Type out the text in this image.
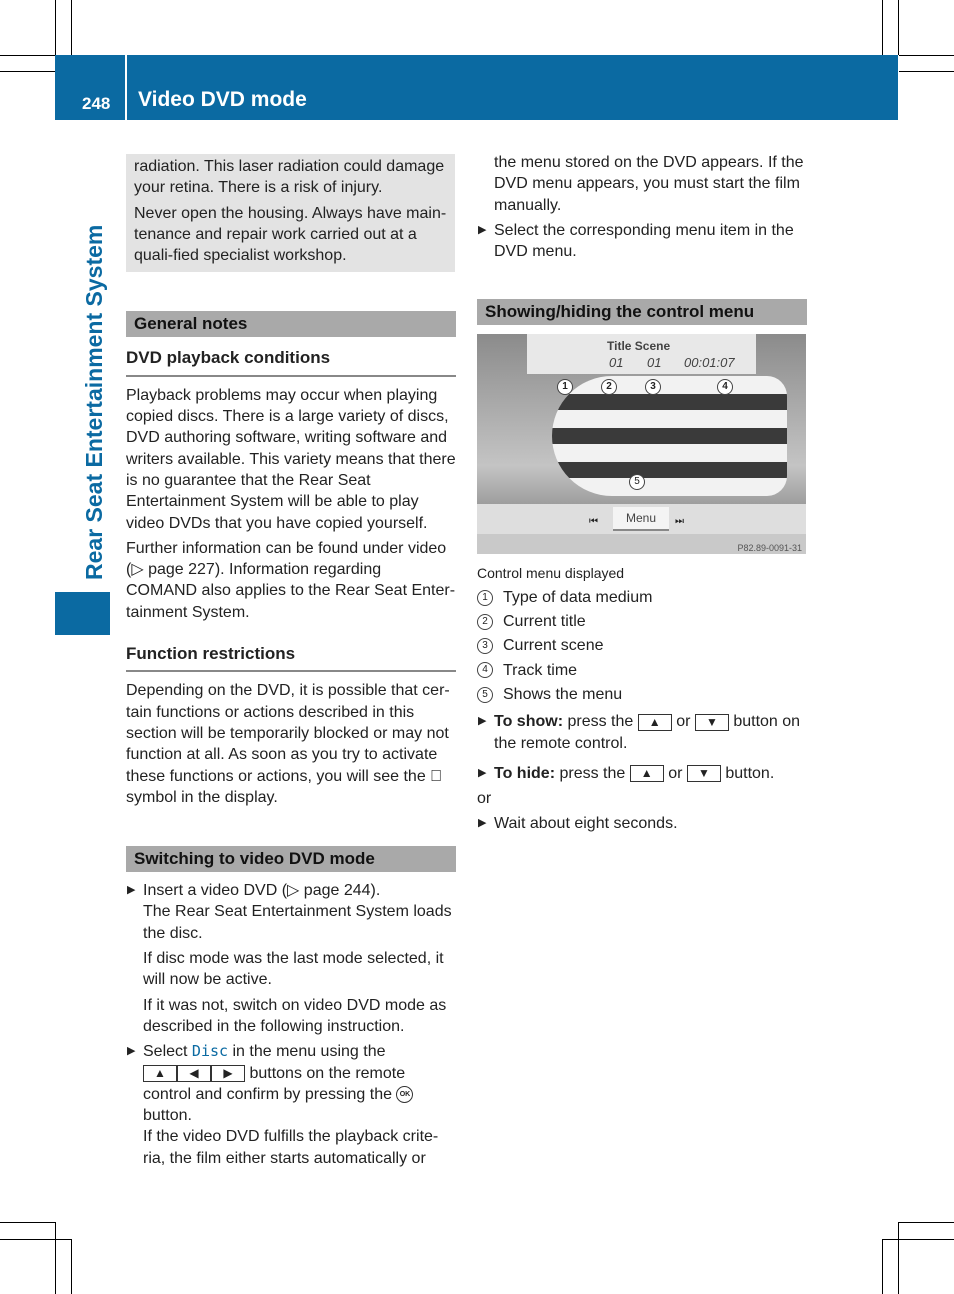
248 Video DVD mode
Rear Seat Entertainment System

radiation. This laser radiation could damage your retina. There is a risk of injury.

Never open the housing. Always have main-tenance and repair work carried out at a quali-fied specialist workshop.

General notes
DVD playback conditions

Playback problems may occur when playing copied discs. There is a large variety of discs, DVD authoring software, writing software and writers available. This variety means that there is no guarantee that the Rear Seat Entertainment System will be able to play video DVDs that you have copied yourself.

Further information can be found under video (▷ page 227). Information regarding COMAND also applies to the Rear Seat Enter-tainment System.

Function restrictions

Depending on the DVD, it is possible that cer-tain functions or actions described in this section will be temporarily blocked or may not function at all. As soon as you try to activate these functions or actions, you will see the symbol in the display.

Switching to video DVD mode
▶ Insert a video DVD (▷ page 244).
The Rear Seat Entertainment System loads the disc.
If disc mode was the last mode selected, it will now be active.
If it was not, switch on video DVD mode as described in the following instruction.
▶ Select Disc in the menu using the
▲ ◀ ▶ buttons on the remote control and confirm by pressing the OK button.
If the video DVD fulfills the playback crite-ria, the film either starts automatically or
the menu stored on the DVD appears. If the DVD menu appears, you must start the film manually.
▶ Select the corresponding menu item in the DVD menu.
Showing/hiding the control menu
Title Scene
01 01 00:01:07
1	2	3	4
5
⏮	Menu	⏭
P82.89-0091-31
Control menu displayed
1 Type of data medium
2 Current title
3 Current scene
4 Track time
5 Shows the menu
▶ To show: press the ▲ or ▼ button on the remote control.
▶ To hide: press the ▲ or ▼ button.
or
▶ Wait about eight seconds.
